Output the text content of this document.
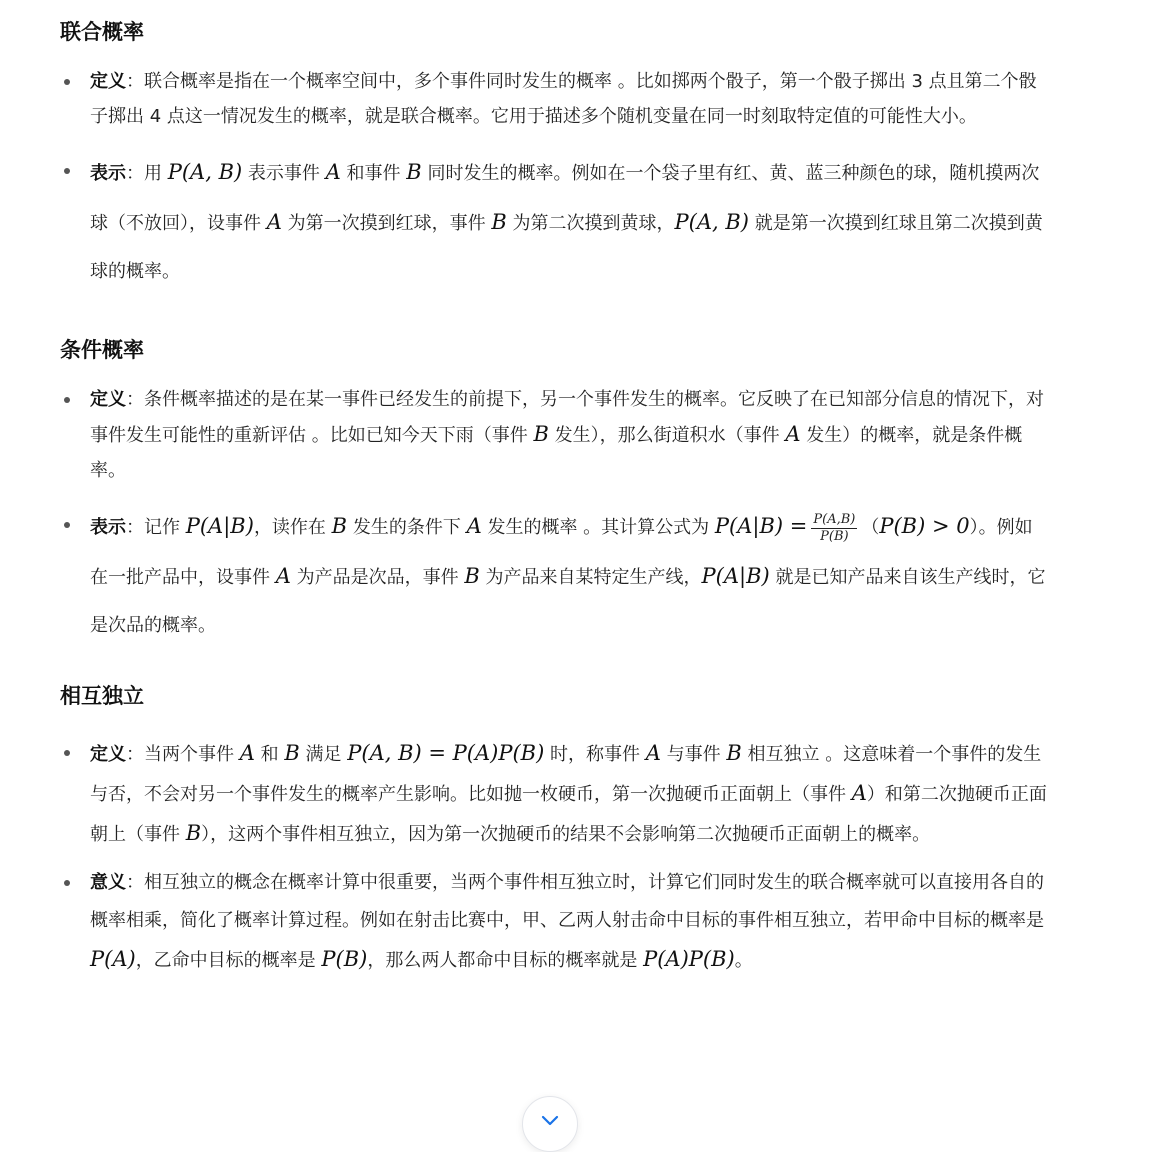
联合概率
定义：联合概率是指在一个概率空间中，多个事件同时发生的概率 。比如掷两个骰子，第一个骰子掷出 3 点且第二个骰子掷出 4 点这一情况发生的概率，就是联合概率。它用于描述多个随机变量在同一时刻取特定值的可能性大小。
表示：用 P(A, B) 表示事件 A 和事件 B 同时发生的概率。例如在一个袋子里有红、黄、蓝三种颜色的球，随机摸两次球（不放回），设事件 A 为第一次摸到红球，事件 B 为第二次摸到黄球，P(A, B) 就是第一次摸到红球且第二次摸到黄球的概率。
条件概率
定义：条件概率描述的是在某一事件已经发生的前提下，另一个事件发生的概率。它反映了在已知部分信息的情况下，对事件发生可能性的重新评估 。比如已知今天下雨（事件 B 发生），那么街道积水（事件 A 发生）的概率，就是条件概率。
表示：记作 P(A|B)，读作在 B 发生的条件下 A 发生的概率 。其计算公式为 $P(A|B) = \frac{P(A,B)}{P(B)} (P(B) > 0)$。例如在一批产品中，设事件 A 为产品是次品，事件 B 为产品来自某特定生产线，P(A|B) 就是已知产品来自该生产线时，它是次品的概率。
相互独立
定义：当两个事件 A 和 B 满足 P(A, B) = P(A)P(B) 时，称事件 A 与事件 B 相互独立 。这意味着一个事件的发生与否，不会对另一个事件发生的概率产生影响。比如抛一枚硬币，第一次抛硬币正面朝上（事件 A）和第二次抛硬币正面朝上（事件 B），这两个事件相互独立，因为第一次抛硬币的结果不会影响第二次抛硬币正面朝上的概率。
意义：相互独立的概念在概率计算中很重要，当两个事件相互独立时，计算它们同时发生的联合概率就可以直接用各自的概率相乘，简化了概率计算过程。例如在射击比赛中，甲、乙两人射击命中目标的事件相互独立，若甲命中目标的概率是 P(A)，乙命中目标的概率是 P(B)，那么两人都命中目标的概率就是 P(A)P(B)。
